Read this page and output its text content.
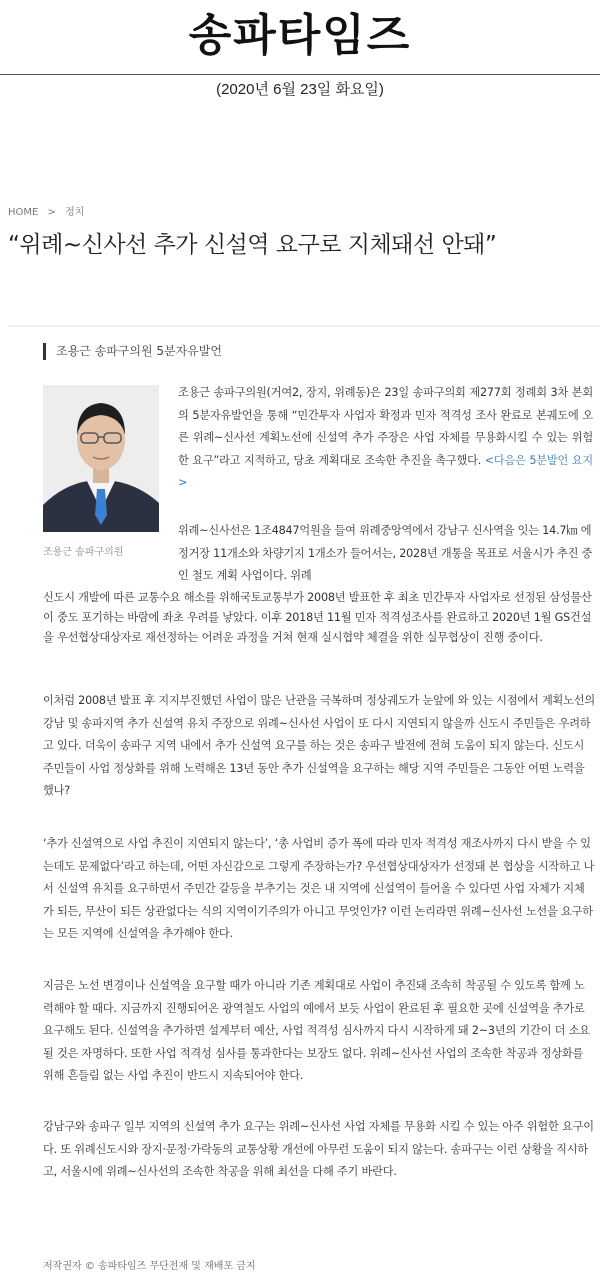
송파타임즈
(2020년 6월 23일 화요일)
HOME > 정치
“위례~신사선 추가 신설역 요구로 지체돼선 안돼”
조용근 송파구의원 5분자유발언
조용근 송파구의원
조용근 송파구의원(거여2, 장지, 위례동)은 23일 송파구의회 제277회 정례회 3차 본회의 5분자유발언을 통해 “민간투자 사업자 확정과 민자 적격성 조사 완료로 본궤도에 오른 위례~신사선 계획노선에 신설역 추가 주장은 사업 자체를 무용화시킬 수 있는 위험한 요구”라고 지적하고, 당초 계획대로 조속한 추진을 촉구했다. <다음은 5분발언 요지>
위례~신사선은 1조4847억원을 들여 위례중앙역에서 강남구 신사역을 잇는 14.7㎞ 에 정거장 11개소와 차량기지 1개소가 들어서는, 2028년 개통을 목표로 서울시가 추진 중인 철도 계획 사업이다. 위례
신도시 개발에 따른 교통수요 해소를 위해국토교통부가 2008년 발표한 후 최초 민간투자 사업자로 선정된 삼성물산이 중도 포기하는 바람에 좌초 우려를 낳았다. 이후 2018년 11월 민자 적격성조사를 완료하고 2020년 1월 GS건설을 우선협상대상자로 재선정하는 어려운 과정을 거쳐 현재 실시협약 체결을 위한 실무협상이 진행 중이다.
이처럼 2008년 발표 후 지지부진했던 사업이 많은 난관을 극복하며 정상궤도가 눈앞에 와 있는 시점에서 계획노선의 강남 및 송파지역 추가 신설역 유치 주장으로 위례~신사선 사업이 또 다시 지연되지 않을까 신도시 주민들은 우려하고 있다. 더욱이 송파구 지역 내에서 추가 신설역 요구를 하는 것은 송파구 발전에 전혀 도움이 되지 않는다. 신도시 주민들이 사업 정상화를 위해 노력해온 13년 동안 추가 신설역을 요구하는 해당 지역 주민들은 그동안 어떤 노력을 했나?
‘추가 신설역으로 사업 추진이 지연되지 않는다’, ‘총 사업비 증가 폭에 따라 민자 적격성 재조사까지 다시 받을 수 있는데도 문제없다’라고 하는데, 어떤 자신감으로 그렇게 주장하는가? 우선협상대상자가 선정돼 본 협상을 시작하고 나서 신설역 유치를 요구하면서 주민간 갈등을 부추기는 것은 내 지역에 신설역이 들어올 수 있다면 사업 자체가 지체가 되든, 무산이 되든 상관없다는 식의 지역이기주의가 아니고 무엇인가? 이런 논리라면 위례~신사선 노선을 요구하는 모든 지역에 신설역을 추가해야 한다.
지금은 노선 변경이나 신설역을 요구할 때가 아니라 기존 계획대로 사업이 추진돼 조속히 착공될 수 있도록 함께 노력해야 할 때다. 지금까지 진행되어온 광역철도 사업의 예에서 보듯 사업이 완료된 후 필요한 곳에 신설역을 추가로 요구해도 된다. 신설역을 추가하면 설계부터 예산, 사업 적격성 심사까지 다시 시작하게 돼 2~3년의 기간이 더 소요될 것은 자명하다. 또한 사업 적격성 심사를 통과한다는 보장도 없다. 위례~신사선 사업의 조속한 착공과 정상화를 위해 흔들림 없는 사업 추진이 반드시 지속되어야 한다.
강남구와 송파구 일부 지역의 신설역 추가 요구는 위례~신사선 사업 자체를 무용화 시킬 수 있는 아주 위험한 요구이다. 또 위례신도시와 장지·문정·가락동의 교통상황 개선에 아무런 도움이 되지 않는다. 송파구는 이런 상황을 직시하고, 서울시에 위례~신사선의 조속한 착공을 위해 최선을 다해 주기 바란다.
저작권자 © 송파타임즈 무단전재 및 재배포 금지
